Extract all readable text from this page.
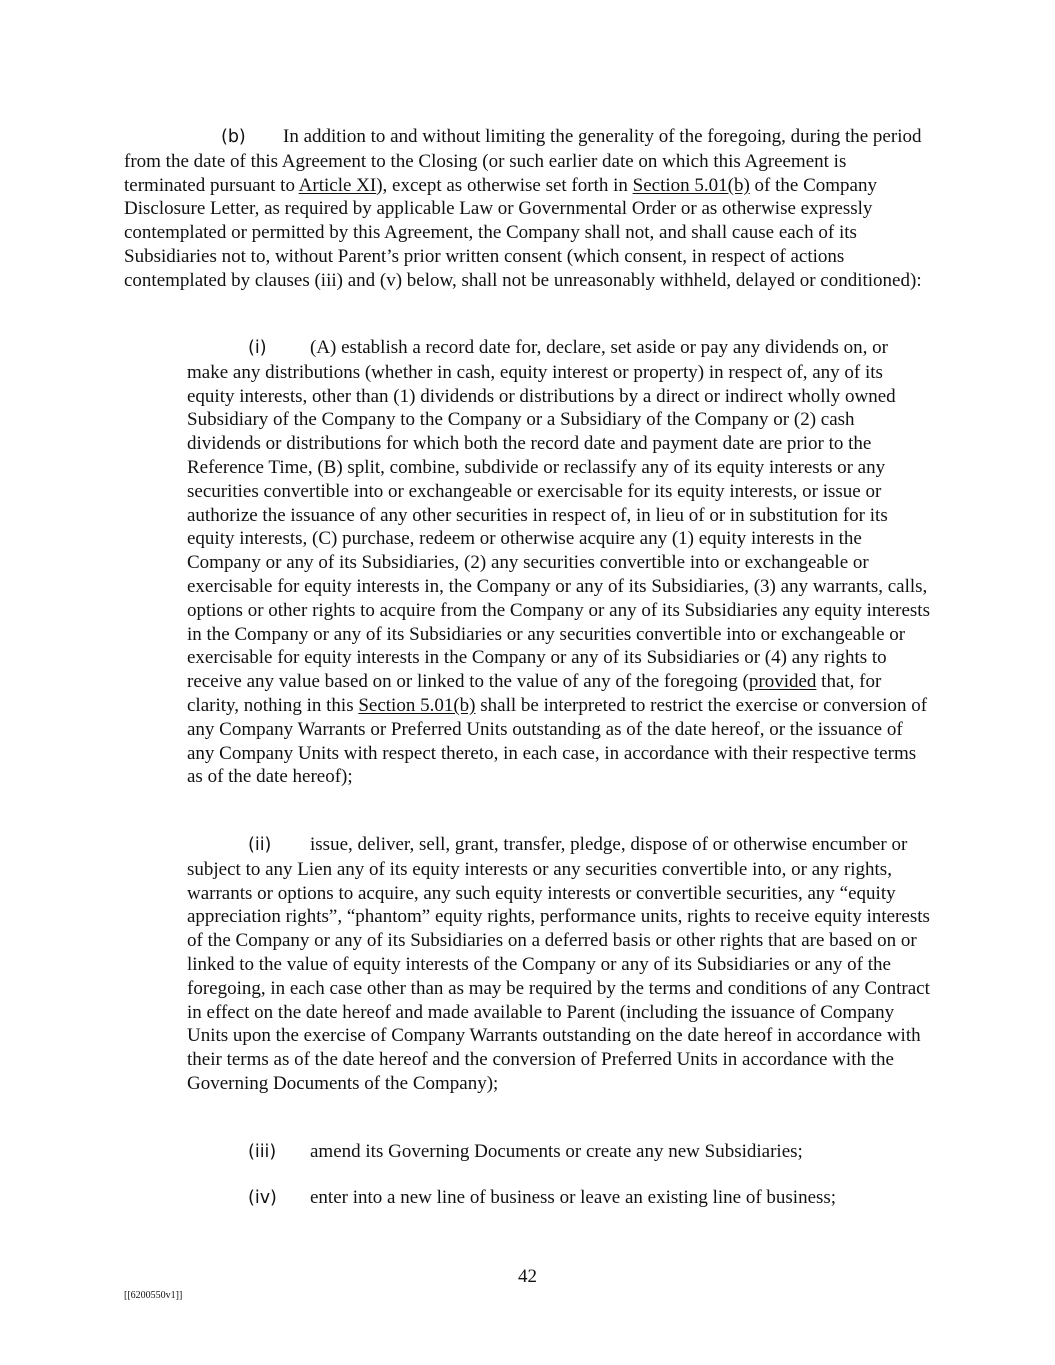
(b) In addition to and without limiting the generality of the foregoing, during the period from the date of this Agreement to the Closing (or such earlier date on which this Agreement is terminated pursuant to Article XI), except as otherwise set forth in Section 5.01(b) of the Company Disclosure Letter, as required by applicable Law or Governmental Order or as otherwise expressly contemplated or permitted by this Agreement, the Company shall not, and shall cause each of its Subsidiaries not to, without Parent’s prior written consent (which consent, in respect of actions contemplated by clauses (iii) and (v) below, shall not be unreasonably withheld, delayed or conditioned):

(i) (A) establish a record date for, declare, set aside or pay any dividends on, or make any distributions (whether in cash, equity interest or property) in respect of, any of its equity interests, other than (1) dividends or distributions by a direct or indirect wholly owned Subsidiary of the Company to the Company or a Subsidiary of the Company or (2) cash dividends or distributions for which both the record date and payment date are prior to the Reference Time, (B) split, combine, subdivide or reclassify any of its equity interests or any securities convertible into or exchangeable or exercisable for its equity interests, or issue or authorize the issuance of any other securities in respect of, in lieu of or in substitution for its equity interests, (C) purchase, redeem or otherwise acquire any (1) equity interests in the Company or any of its Subsidiaries, (2) any securities convertible into or exchangeable or exercisable for equity interests in, the Company or any of its Subsidiaries, (3) any warrants, calls, options or other rights to acquire from the Company or any of its Subsidiaries any equity interests in the Company or any of its Subsidiaries or any securities convertible into or exchangeable or exercisable for equity interests in the Company or any of its Subsidiaries or (4) any rights to receive any value based on or linked to the value of any of the foregoing (provided that, for clarity, nothing in this Section 5.01(b) shall be interpreted to restrict the exercise or conversion of any Company Warrants or Preferred Units outstanding as of the date hereof, or the issuance of any Company Units with respect thereto, in each case, in accordance with their respective terms as of the date hereof);

(ii) issue, deliver, sell, grant, transfer, pledge, dispose of or otherwise encumber or subject to any Lien any of its equity interests or any securities convertible into, or any rights, warrants or options to acquire, any such equity interests or convertible securities, any “equity appreciation rights”, “phantom” equity rights, performance units, rights to receive equity interests of the Company or any of its Subsidiaries on a deferred basis or other rights that are based on or linked to the value of equity interests of the Company or any of its Subsidiaries or any of the foregoing, in each case other than as may be required by the terms and conditions of any Contract in effect on the date hereof and made available to Parent (including the issuance of Company Units upon the exercise of Company Warrants outstanding on the date hereof in accordance with their terms as of the date hereof and the conversion of Preferred Units in accordance with the Governing Documents of the Company);

(iii) amend its Governing Documents or create any new Subsidiaries;

(iv) enter into a new line of business or leave an existing line of business;

42
[[6200550v1]]
